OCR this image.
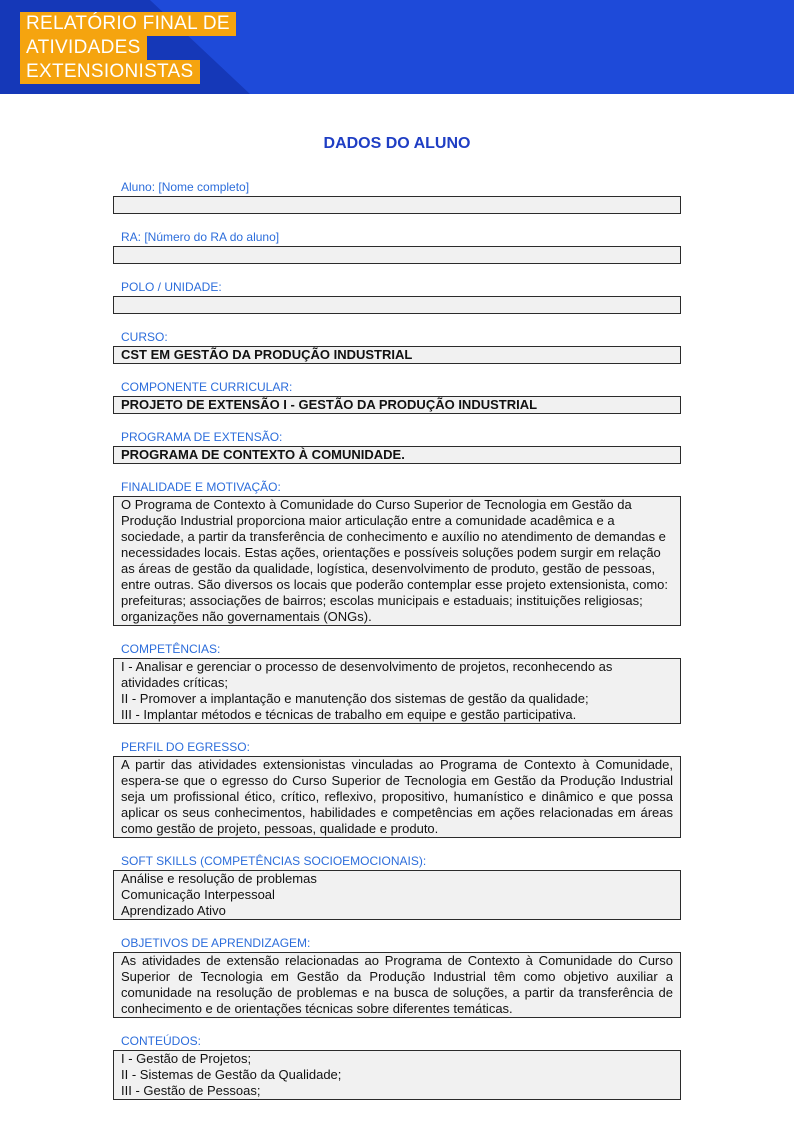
RELATÓRIO FINAL DE
ATIVIDADES
EXTENSIONISTAS
DADOS DO ALUNO
Aluno: [Nome completo]
RA: [Número do RA do aluno]
POLO / UNIDADE:
CURSO:
CST EM GESTÃO DA PRODUÇÃO INDUSTRIAL
COMPONENTE CURRICULAR:
PROJETO DE EXTENSÃO I - GESTÃO DA PRODUÇÃO INDUSTRIAL
PROGRAMA DE EXTENSÃO:
PROGRAMA DE CONTEXTO À COMUNIDADE.
FINALIDADE E MOTIVAÇÃO:
O Programa de Contexto à Comunidade do Curso Superior de Tecnologia em Gestão da Produção Industrial proporciona maior articulação entre a comunidade acadêmica e a sociedade, a partir da transferência de conhecimento e auxílio no atendimento de demandas e necessidades locais. Estas ações, orientações e possíveis soluções podem surgir em relação as áreas de gestão da qualidade, logística, desenvolvimento de produto, gestão de pessoas, entre outras. São diversos os locais que poderão contemplar esse projeto extensionista, como: prefeituras; associações de bairros; escolas municipais e estaduais; instituições religiosas; organizações não governamentais (ONGs).
COMPETÊNCIAS:
I - Analisar e gerenciar o processo de desenvolvimento de projetos, reconhecendo as atividades críticas;
II - Promover a implantação e manutenção dos sistemas de gestão da qualidade;
III - Implantar métodos e técnicas de trabalho em equipe e gestão participativa.
PERFIL DO EGRESSO:
A partir das atividades extensionistas vinculadas ao Programa de Contexto à Comunidade, espera-se que o egresso do Curso Superior de Tecnologia em Gestão da Produção Industrial seja um profissional ético, crítico, reflexivo, propositivo, humanístico e dinâmico e que possa aplicar os seus conhecimentos, habilidades e competências em ações relacionadas em áreas como gestão de projeto, pessoas, qualidade e produto.
SOFT SKILLS (COMPETÊNCIAS SOCIOEMOCIONAIS):
Análise e resolução de problemas
Comunicação Interpessoal
Aprendizado Ativo
OBJETIVOS DE APRENDIZAGEM:
As atividades de extensão relacionadas ao Programa de Contexto à Comunidade do Curso Superior de Tecnologia em Gestão da Produção Industrial têm como objetivo auxiliar a comunidade na resolução de problemas e na busca de soluções, a partir da transferência de conhecimento e de orientações técnicas sobre diferentes temáticas.
CONTEÚDOS:
I - Gestão de Projetos;
II - Sistemas de Gestão da Qualidade;
III - Gestão de Pessoas;
